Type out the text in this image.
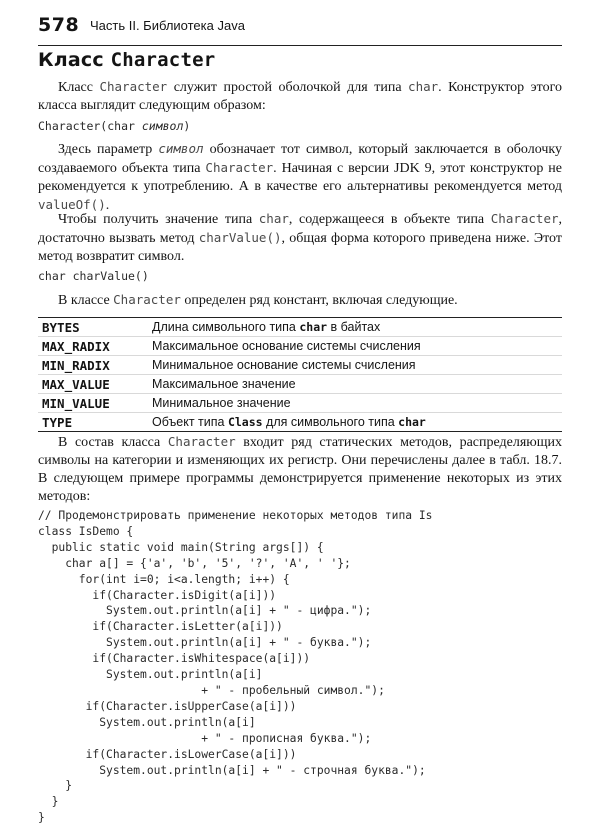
578 Часть II. Библиотека Java
Класс Character

Класс Character служит простой оболочкой для типа char. Конструктор этого класса выглядит следующим образом:

Character(char символ)

Здесь параметр символ обозначает тот символ, который заключается в оболочку создаваемого объекта типа Character. Начиная с версии JDK 9, этот конструктор не рекомендуется к употреблению. А в качестве его альтернативы рекомендуется метод valueOf().

Чтобы получить значение типа char, содержащееся в объекте типа Character, достаточно вызвать метод charValue(), общая форма которого приведена ниже. Этот метод возвратит символ.

char charValue()

В классе Character определен ряд констант, включая следующие.

BYTES	Длина символьного типа char в байтах
MAX_RADIX	Максимальное основание системы счисления
MIN_RADIX	Минимальное основание системы счисления
MAX_VALUE	Максимальное значение
MIN_VALUE	Минимальное значение
TYPE	Объект типа Class для символьного типа char

В состав класса Character входит ряд статических методов, распределяющих символы на категории и изменяющих их регистр. Они перечислены далее в табл. 18.7. В следующем примере программы демонстрируется применение некоторых из этих методов:

// Продемонстрировать применение некоторых методов типа Is
class IsDemo {
public static void main(String args[]) {
char a[] = {'a', 'b', '5', '?', 'A', ' '};
for(int i=0; i<a.length; i++) {
if(Character.isDigit(a[i]))
System.out.println(a[i] + " - цифра.");
if(Character.isLetter(a[i]))
System.out.println(a[i] + " - буква.");
if(Character.isWhitespace(a[i]))
System.out.println(a[i]
+ " - пробельный символ.");
if(Character.isUpperCase(a[i]))
System.out.println(a[i]
+ " - прописная буква.");
if(Character.isLowerCase(a[i]))
System.out.println(a[i] + " - строчная буква.");
}
}
}
